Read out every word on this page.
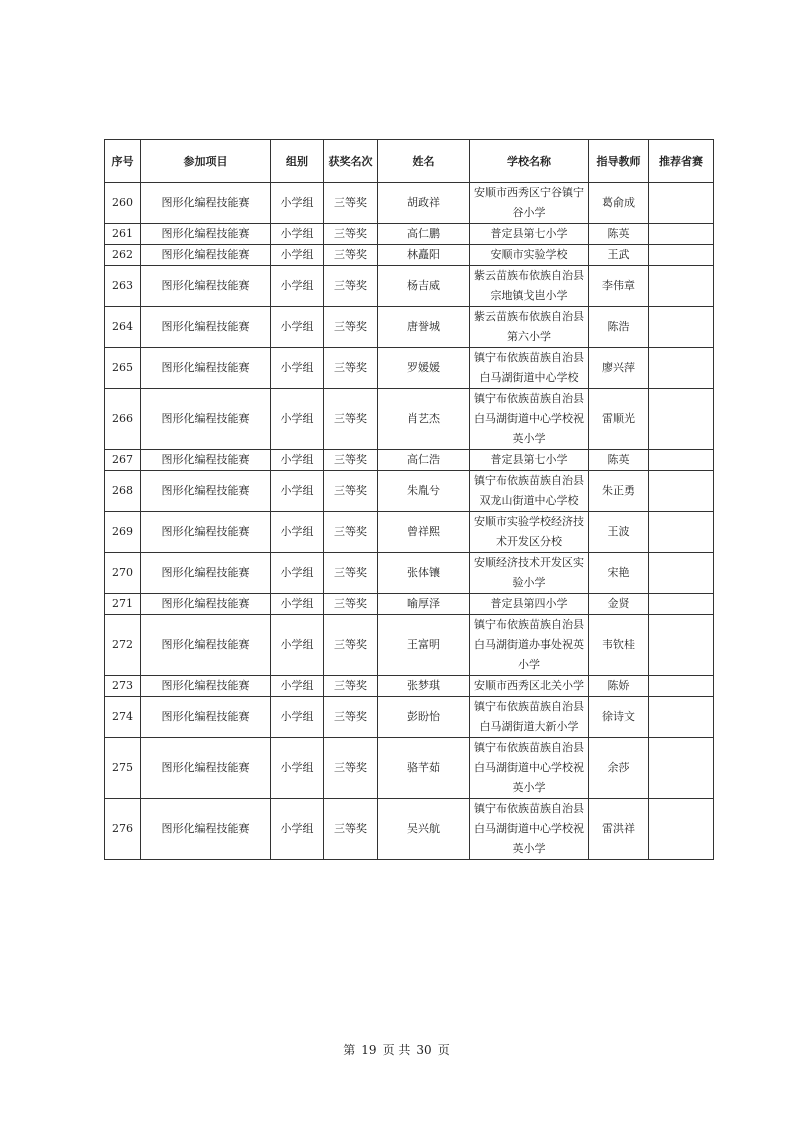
序号	参加项目	组别	获奖名次	姓名	学校名称	指导教师	推荐省赛
260	图形化编程技能赛	小学组	三等奖	胡政祥	安顺市西秀区宁谷镇宁谷小学	葛俞成	
261	图形化编程技能赛	小学组	三等奖	高仁鹏	普定县第七小学	陈英	
262	图形化编程技能赛	小学组	三等奖	林矗阳	安顺市实验学校	王武	
263	图形化编程技能赛	小学组	三等奖	杨吉威	紫云苗族布依族自治县宗地镇戈岜小学	李伟章	
264	图形化编程技能赛	小学组	三等奖	唐誉城	紫云苗族布依族自治县第六小学	陈浩	
265	图形化编程技能赛	小学组	三等奖	罗媛媛	镇宁布依族苗族自治县白马湖街道中心学校	廖兴萍	
266	图形化编程技能赛	小学组	三等奖	肖艺杰	镇宁布依族苗族自治县白马湖街道中心学校祝英小学	雷顺光	
267	图形化编程技能赛	小学组	三等奖	高仁浩	普定县第七小学	陈英	
268	图形化编程技能赛	小学组	三等奖	朱胤兮	镇宁布依族苗族自治县双龙山街道中心学校	朱正勇	
269	图形化编程技能赛	小学组	三等奖	曾祥熙	安顺市实验学校经济技术开发区分校	王波	
270	图形化编程技能赛	小学组	三等奖	张体镶	安顺经济技术开发区实验小学	宋艳	
271	图形化编程技能赛	小学组	三等奖	喻厚泽	普定县第四小学	金贤	
272	图形化编程技能赛	小学组	三等奖	王富明	镇宁布依族苗族自治县白马湖街道办事处祝英小学	韦钦桂	
273	图形化编程技能赛	小学组	三等奖	张梦琪	安顺市西秀区北关小学	陈娇	
274	图形化编程技能赛	小学组	三等奖	彭盼怡	镇宁布依族苗族自治县白马湖街道大新小学	徐诗文	
275	图形化编程技能赛	小学组	三等奖	骆芊茹	镇宁布依族苗族自治县白马湖街道中心学校祝英小学	余莎	
276	图形化编程技能赛	小学组	三等奖	吴兴航	镇宁布依族苗族自治县白马湖街道中心学校祝英小学	雷洪祥	
第 19 页 共 30 页
